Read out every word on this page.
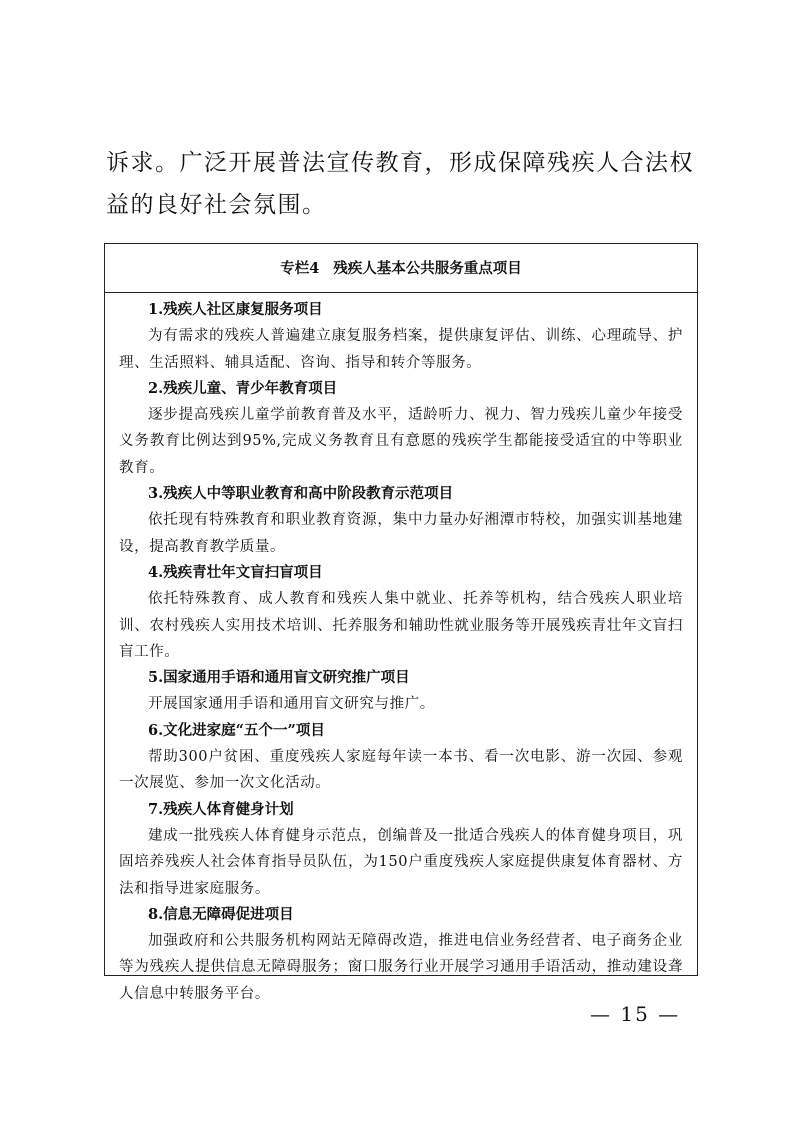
诉求。广泛开展普法宣传教育，形成保障残疾人合法权益的良好社会氛围。
专栏4 残疾人基本公共服务重点项目
1.残疾人社区康复服务项目
为有需求的残疾人普遍建立康复服务档案，提供康复评估、训练、心理疏导、护理、生活照料、辅具适配、咨询、指导和转介等服务。
2.残疾儿童、青少年教育项目
逐步提高残疾儿童学前教育普及水平，适龄听力、视力、智力残疾儿童少年接受义务教育比例达到95%,完成义务教育且有意愿的残疾学生都能接受适宜的中等职业教育。
3.残疾人中等职业教育和高中阶段教育示范项目
依托现有特殊教育和职业教育资源，集中力量办好湘潭市特校，加强实训基地建设，提高教育教学质量。
4.残疾青壮年文盲扫盲项目
依托特殊教育、成人教育和残疾人集中就业、托养等机构，结合残疾人职业培训、农村残疾人实用技术培训、托养服务和辅助性就业服务等开展残疾青壮年文盲扫盲工作。
5.国家通用手语和通用盲文研究推广项目
开展国家通用手语和通用盲文研究与推广。
6.文化进家庭“五个一”项目
帮助300户贫困、重度残疾人家庭每年读一本书、看一次电影、游一次园、参观一次展览、参加一次文化活动。
7.残疾人体育健身计划
建成一批残疾人体育健身示范点，创编普及一批适合残疾人的体育健身项目，巩固培养残疾人社会体育指导员队伍，为150户重度残疾人家庭提供康复体育器材、方法和指导进家庭服务。
8.信息无障碍促进项目
加强政府和公共服务机构网站无障碍改造，推进电信业务经营者、电子商务企业等为残疾人提供信息无障碍服务；窗口服务行业开展学习通用手语活动，推动建设聋人信息中转服务平台。
— 15 —
